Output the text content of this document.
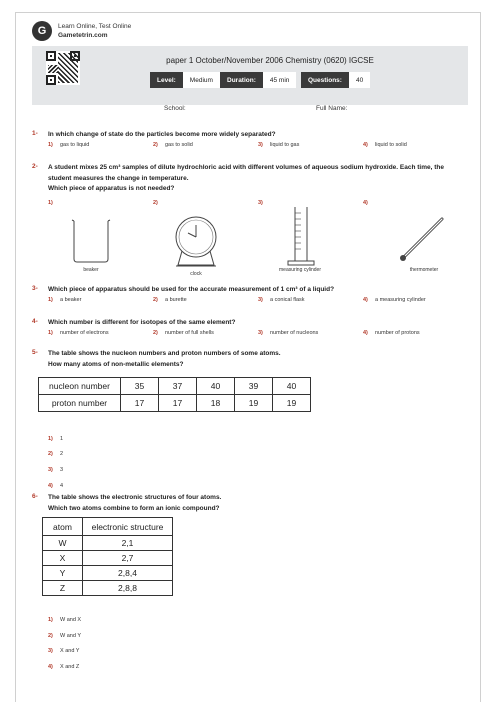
G	Learn Online, Test Online
Gametetrin.com
paper 1 October/November 2006 Chemistry (0620) IGCSE
Level:	Medium	Duration:	45 min	Questions:	40
School:	Full Name:
1- In which change of state do the particles become more widely separated?
1)	gas to liquid	2)	gas to solid	3)	liquid to gas	4)	liquid to solid
2- A student mixes 25 cm³ samples of dilute hydrochloric acid with different volumes of aqueous sodium hydroxide. Each time, the student measures the change in temperature.
Which piece of apparatus is not needed?
1)	2)	3)	4)
beaker
clock
measuring cylinder	thermometer
3- Which piece of apparatus should be used for the accurate measurement of 1 cm³ of a liquid?
1)	a beaker	2)	a burette	3)	a conical flask	4)	a measuring cylinder
4- Which number is different for isotopes of the same element?
1)	number of electrons	2)	number of full shells	3)	number of nucleons	4)	number of protons
5- The table shows the nucleon numbers and proton numbers of some atoms.
How many atoms of non-metallic elements?
nucleon number	35	37	40	39	40
proton number	17	17	18	19	19
1)	1
2)	2
3)	3
4)	4
6- The table shows the electronic structures of four atoms.
Which two atoms combine to form an ionic compound?
atom	electronic structure
W	2,1
X	2,7
Y	2,8,4
Z	2,8,8
1)	W and X
2)	W and Y
3)	X and Y
4)	X and Z
